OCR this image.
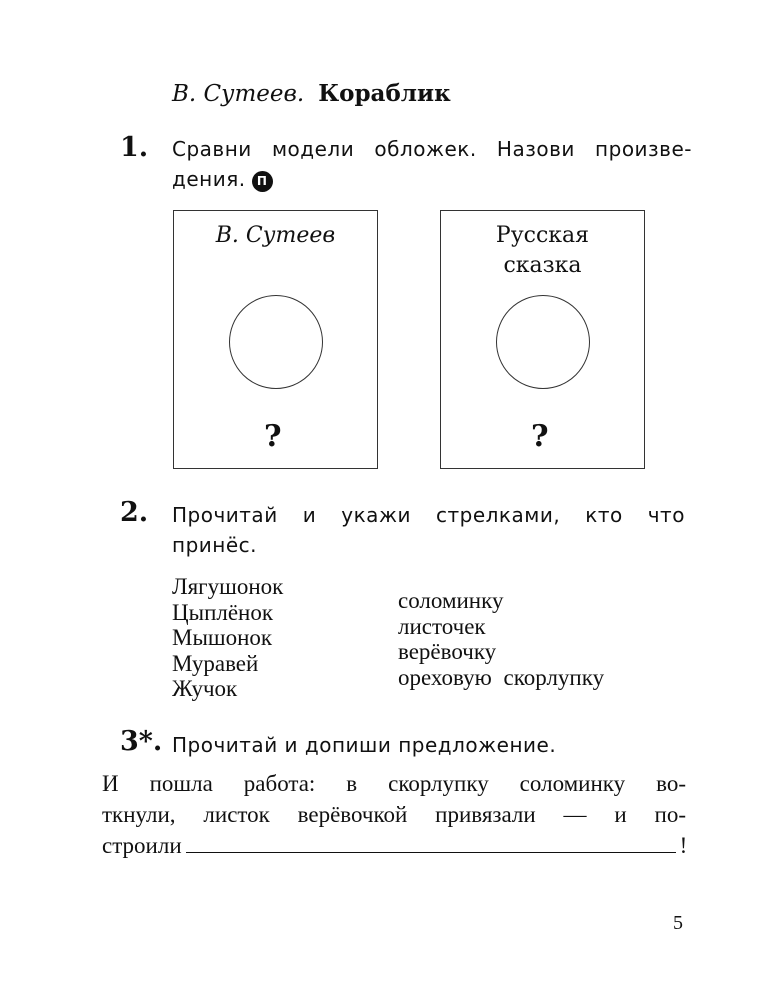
В. Сутеев. Кораблик
1. Сравни модели обложек. Назови произве-
дения. П
В. Сутеев
?
Русская
сказка
?
2. Прочитай и укажи стрелками, кто что
принёс.
Лягушонок
Цыплёнок
Мышонок
Муравей
Жучок
соломинку
листочек
верёвочку
ореховую скорлупку
3*. Прочитай и допиши предложение.
И пошла работа: в скорлупку соломинку во-
ткнули, листок верёвочкой привязали — и по-
строили	!
5
